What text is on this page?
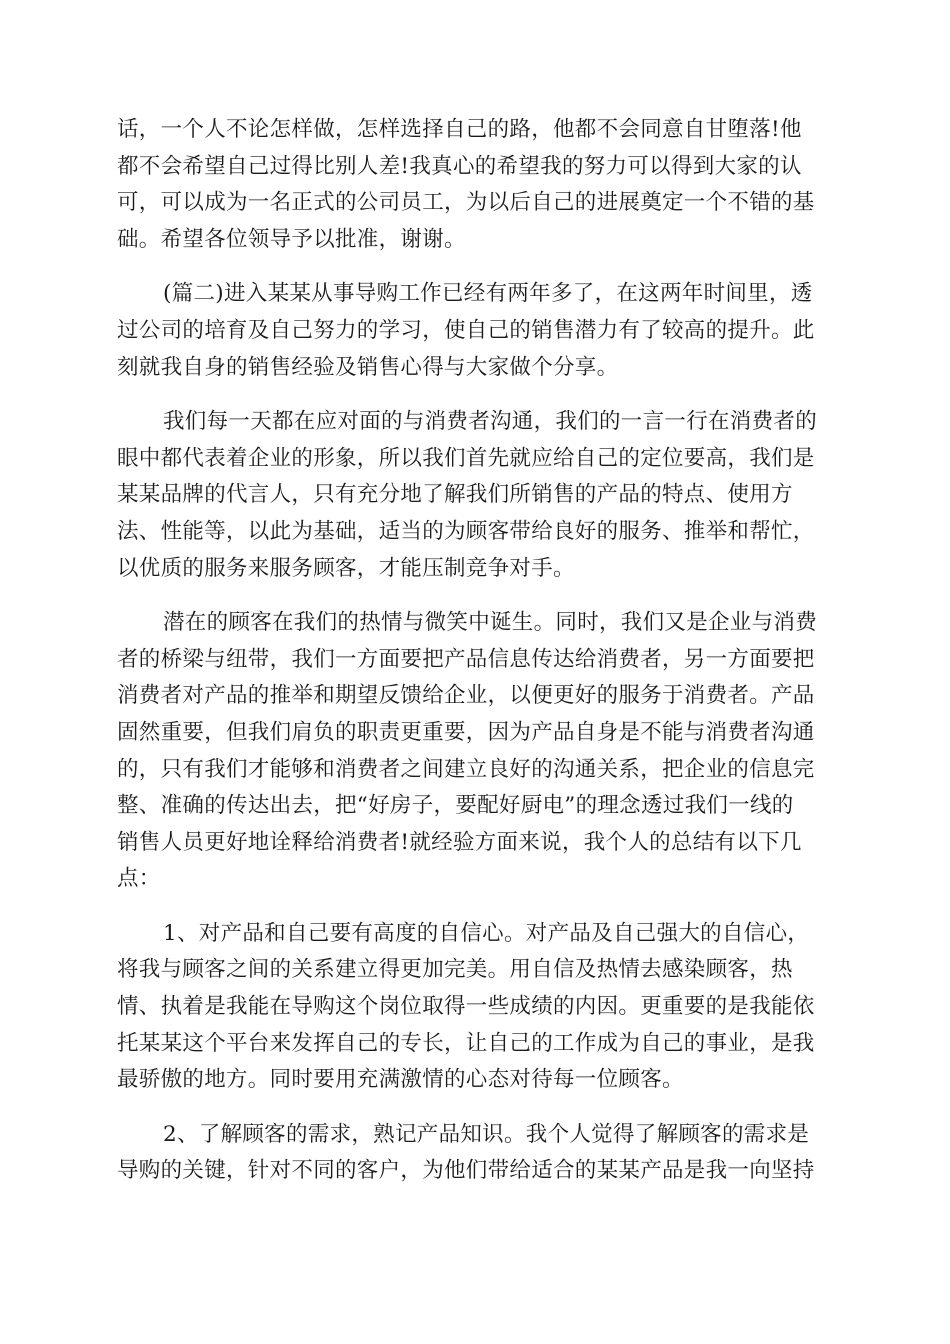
话，一个人不论怎样做，怎样选择自己的路，他都不会同意自甘堕落!他
都不会希望自己过得比别人差!我真心的希望我的努力可以得到大家的认
可，可以成为一名正式的公司员工，为以后自己的进展奠定一个不错的基
础。希望各位领导予以批准，谢谢。
(篇二)进入某某从事导购工作已经有两年多了，在这两年时间里，透
过公司的培育及自己努力的学习，使自己的销售潜力有了较高的提升。此
刻就我自身的销售经验及销售心得与大家做个分享。
我们每一天都在应对面的与消费者沟通，我们的一言一行在消费者的
眼中都代表着企业的形象，所以我们首先就应给自己的定位要高，我们是
某某品牌的代言人，只有充分地了解我们所销售的产品的特点、使用方
法、性能等，以此为基础，适当的为顾客带给良好的服务、推举和帮忙，
以优质的服务来服务顾客，才能压制竞争对手。
潜在的顾客在我们的热情与微笑中诞生。同时，我们又是企业与消费
者的桥梁与纽带，我们一方面要把产品信息传达给消费者，另一方面要把
消费者对产品的推举和期望反馈给企业，以便更好的服务于消费者。产品
固然重要，但我们肩负的职责更重要，因为产品自身是不能与消费者沟通
的，只有我们才能够和消费者之间建立良好的沟通关系，把企业的信息完
整、准确的传达出去，把“好房子，要配好厨电”的理念透过我们一线的
销售人员更好地诠释给消费者!就经验方面来说，我个人的总结有以下几
点：
1、对产品和自己要有高度的自信心。对产品及自己强大的自信心，
将我与顾客之间的关系建立得更加完美。用自信及热情去感染顾客，热
情、执着是我能在导购这个岗位取得一些成绩的内因。更重要的是我能依
托某某这个平台来发挥自己的专长，让自己的工作成为自己的事业，是我
最骄傲的地方。同时要用充满激情的心态对待每一位顾客。
2、了解顾客的需求，熟记产品知识。我个人觉得了解顾客的需求是
导购的关键，针对不同的客户，为他们带给适合的某某产品是我一向坚持
